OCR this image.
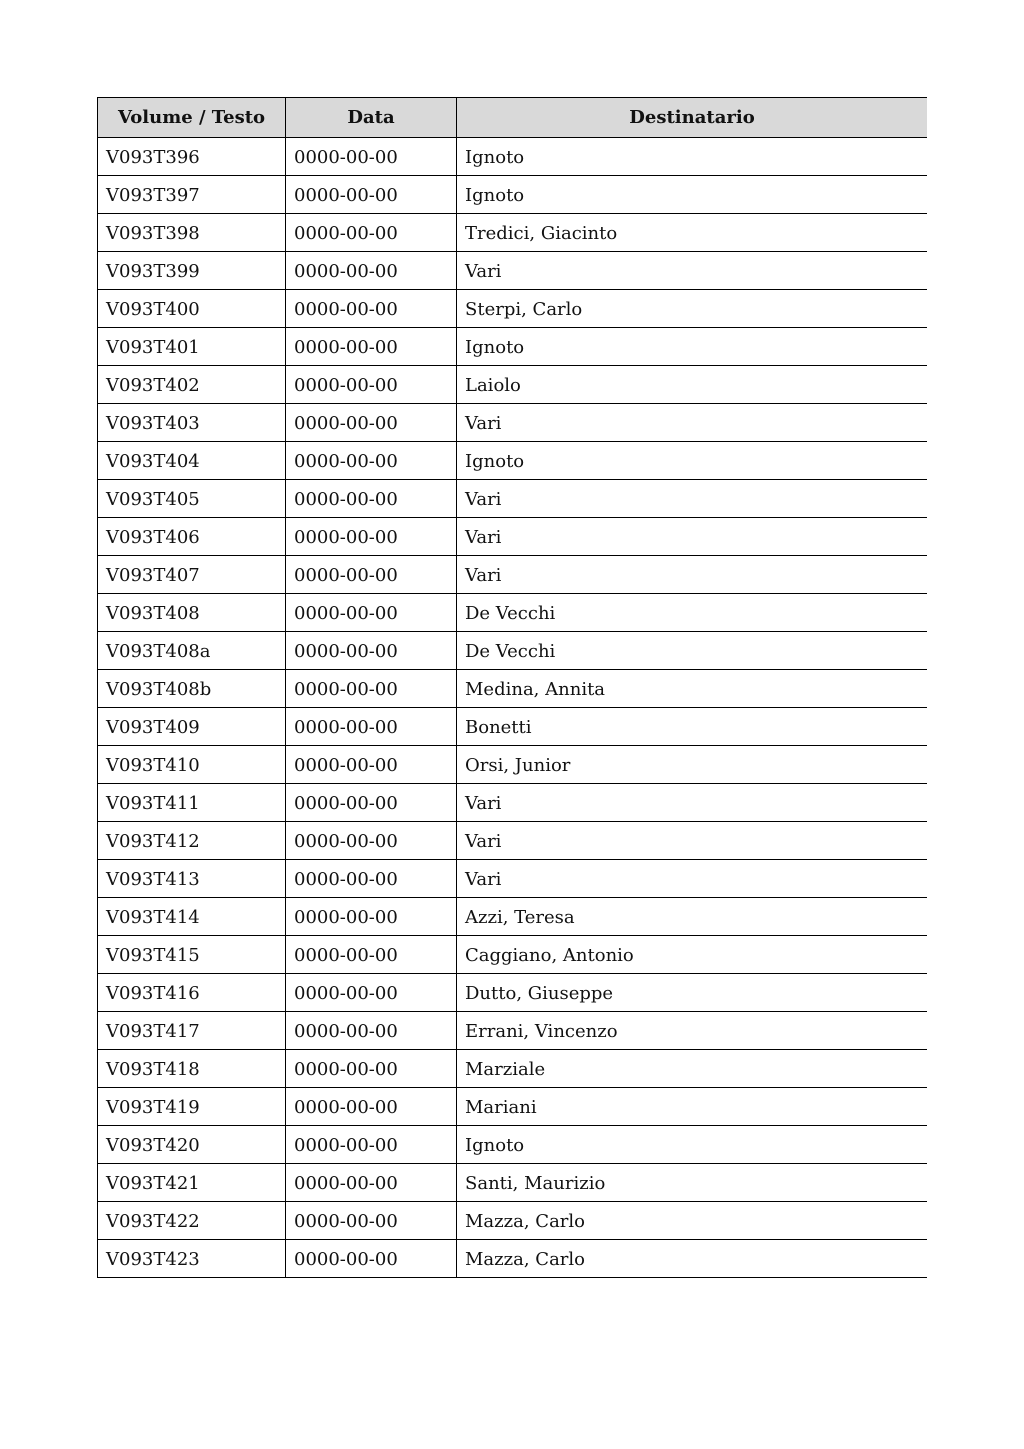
Volume / Testo	Data	Destinatario
V093T396	0000-00-00	Ignoto
V093T397	0000-00-00	Ignoto
V093T398	0000-00-00	Tredici, Giacinto
V093T399	0000-00-00	Vari
V093T400	0000-00-00	Sterpi, Carlo
V093T401	0000-00-00	Ignoto
V093T402	0000-00-00	Laiolo
V093T403	0000-00-00	Vari
V093T404	0000-00-00	Ignoto
V093T405	0000-00-00	Vari
V093T406	0000-00-00	Vari
V093T407	0000-00-00	Vari
V093T408	0000-00-00	De Vecchi
V093T408a	0000-00-00	De Vecchi
V093T408b	0000-00-00	Medina, Annita
V093T409	0000-00-00	Bonetti
V093T410	0000-00-00	Orsi, Junior
V093T411	0000-00-00	Vari
V093T412	0000-00-00	Vari
V093T413	0000-00-00	Vari
V093T414	0000-00-00	Azzi, Teresa
V093T415	0000-00-00	Caggiano, Antonio
V093T416	0000-00-00	Dutto, Giuseppe
V093T417	0000-00-00	Errani, Vincenzo
V093T418	0000-00-00	Marziale
V093T419	0000-00-00	Mariani
V093T420	0000-00-00	Ignoto
V093T421	0000-00-00	Santi, Maurizio
V093T422	0000-00-00	Mazza, Carlo
V093T423	0000-00-00	Mazza, Carlo
